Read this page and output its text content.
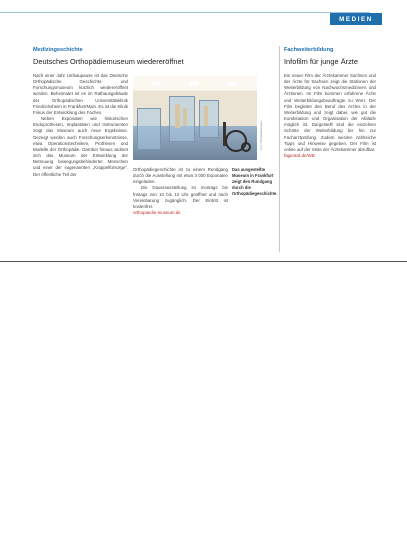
MEDIEN
Medizingeschichte
Deutsches Orthopädiemuseum wiedereröffnet

Nach einer Jahr Umbaupause ist das Deutsche Orthopädische Geschichts- und Forschungsmuseum kürzlich wiedereröffnet worden. Beheimatet ist es im Rathausgebäude der Orthopädischen Universitätsklinik Friedrichsheim in Frankfurt/Main. Es ist die Klinik Fokus der Entwicklung des Faches.

Neben Exponaten wie historischen Endoprothesen, Implantaten und Instrumenten zeigt das Museum auch neue Ergebnisse. Gezeigt werden auch Forschungserkenntnisse, etwa Operationstechniken, Prothesen und Modelle der Orthopädie. Darüber hinaus widmet sich das Museum der Entwicklung der Betreuung bewegungsbehinderter Menschen und einer der sogenannten „Krüppelfürsorge“. Der öffentliche Teil der

Foto: Orthopädiemuseum

Orthopädiegeschichte ist zu einem Rundgang durch die Ausstellung mit etwa 3 000 Exponaten eingeladen.

Die Dauerausstellung ist montags bis freitags von 10 bis 13 Uhr geöffnet und nach Vereinbarung zugänglich. Der Eintritt ist kostenfrei.

orthopaedie-museum.de

Das ausgestellte Museum in Frankfurt zeigt den Rundgang durch die Orthopädiegeschichte.
Fachweiterbildung
Infofilm für junge Ärzte

Ein neuer Film der Ärztekammer Sachsen und der Ärzte für Sachsen zeigt die Stationen der Weiterbildung von Nachwuchsmedizinern und Ärztinnen. Im Film kommen erfahrene Ärzte und Weiterbildungsbeauftragte zu Wort. Der Film begleitet den Beruf des Arztes in der Weiterbildung und zeigt dabei, wie gut die Kombination und Organisation der Abläufe möglich ist. Dargestellt sind die einzelnen Schritte der Weiterbildung bis hin zur Facharztprüfung. Zudem werden zahlreiche Tipps und Hinweise gegeben. Der Film ist online auf der Seite der Ärztekammer abrufbar.

fagerard.de/WB
